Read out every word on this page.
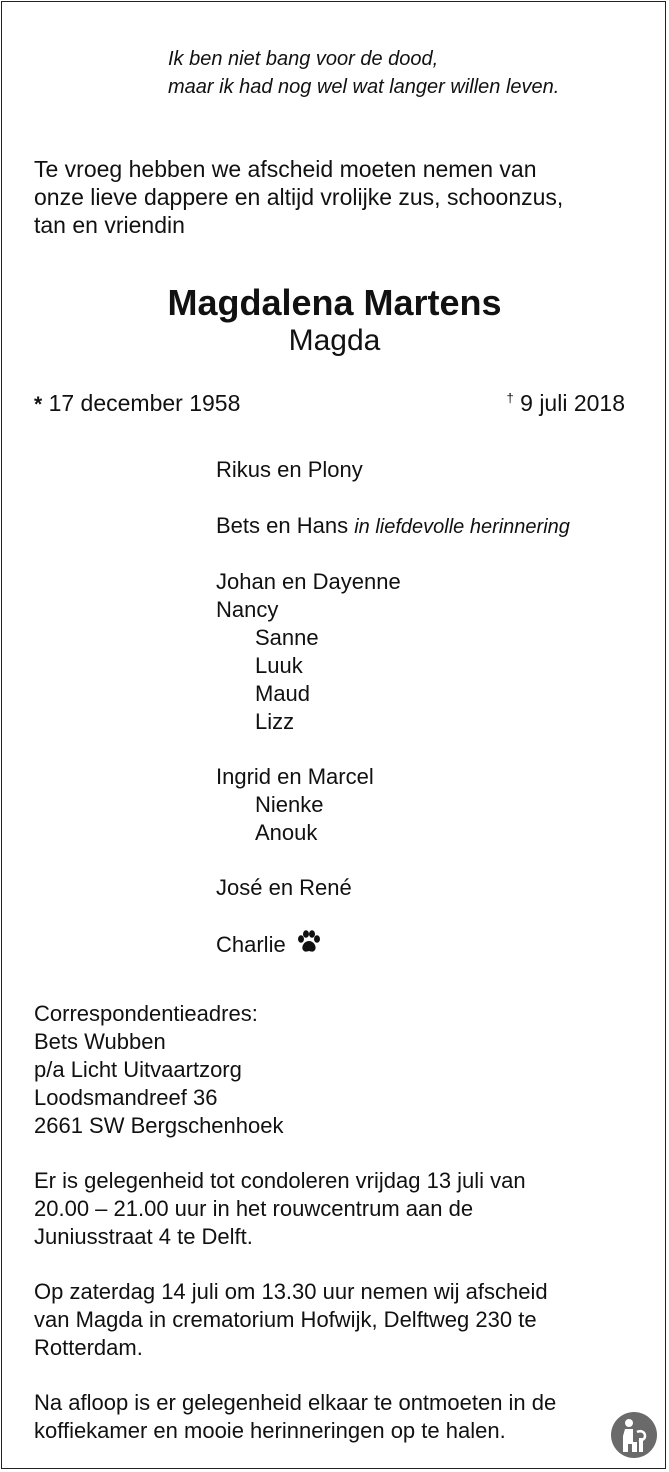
Ik ben niet bang voor de dood,
maar ik had nog wel wat langer willen leven.
Te vroeg hebben we afscheid moeten nemen van
onze lieve dappere en altijd vrolijke zus, schoonzus,
tan en vriendin
Magdalena Martens
Magda
* 17 december 1958	† 9 juli 2018
Rikus en Plony
Bets en Hans in liefdevolle herinnering
Johan en Dayenne
Nancy
Sanne
Luuk
Maud
Lizz
Ingrid en Marcel
Nienke
Anouk
José en René
Charlie
Correspondentieadres:
Bets Wubben
p/a Licht Uitvaartzorg
Loodsmandreef 36
2661 SW Bergschenhoek
Er is gelegenheid tot condoleren vrijdag 13 juli van
20.00 – 21.00 uur in het rouwcentrum aan de
Juniusstraat 4 te Delft.
Op zaterdag 14 juli om 13.30 uur nemen wij afscheid
van Magda in crematorium Hofwijk, Delftweg 230 te
Rotterdam.
Na afloop is er gelegenheid elkaar te ontmoeten in de
koffiekamer en mooie herinneringen op te halen.
